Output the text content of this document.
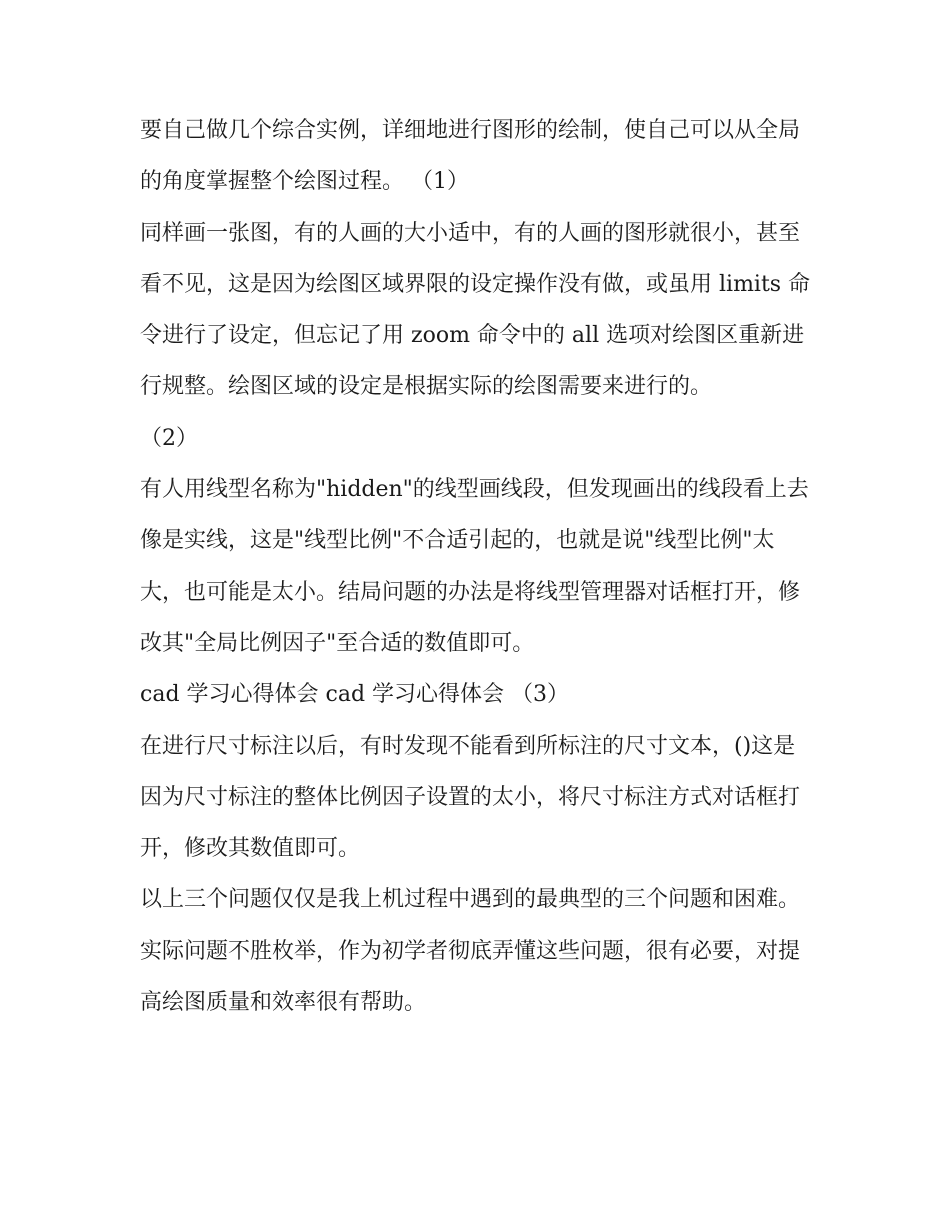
要自己做几个综合实例，详细地进行图形的绘制，使自己可以从全局的角度掌握整个绘图过程。 （1）

同样画一张图，有的人画的大小适中，有的人画的图形就很小，甚至看不见，这是因为绘图区域界限的设定操作没有做，或虽用 limits 命令进行了设定，但忘记了用 zoom 命令中的 all 选项对绘图区重新进行规整。绘图区域的设定是根据实际的绘图需要来进行的。

（2）

有人用线型名称为"hidden"的线型画线段，但发现画出的线段看上去像是实线，这是"线型比例"不合适引起的，也就是说"线型比例"太大，也可能是太小。结局问题的办法是将线型管理器对话框打开，修改其"全局比例因子"至合适的数值即可。

cad 学习心得体会 cad 学习心得体会 （3）

在进行尺寸标注以后，有时发现不能看到所标注的尺寸文本，()这是因为尺寸标注的整体比例因子设置的太小，将尺寸标注方式对话框打开，修改其数值即可。

以上三个问题仅仅是我上机过程中遇到的最典型的三个问题和困难。实际问题不胜枚举，作为初学者彻底弄懂这些问题，很有必要，对提高绘图质量和效率很有帮助。
